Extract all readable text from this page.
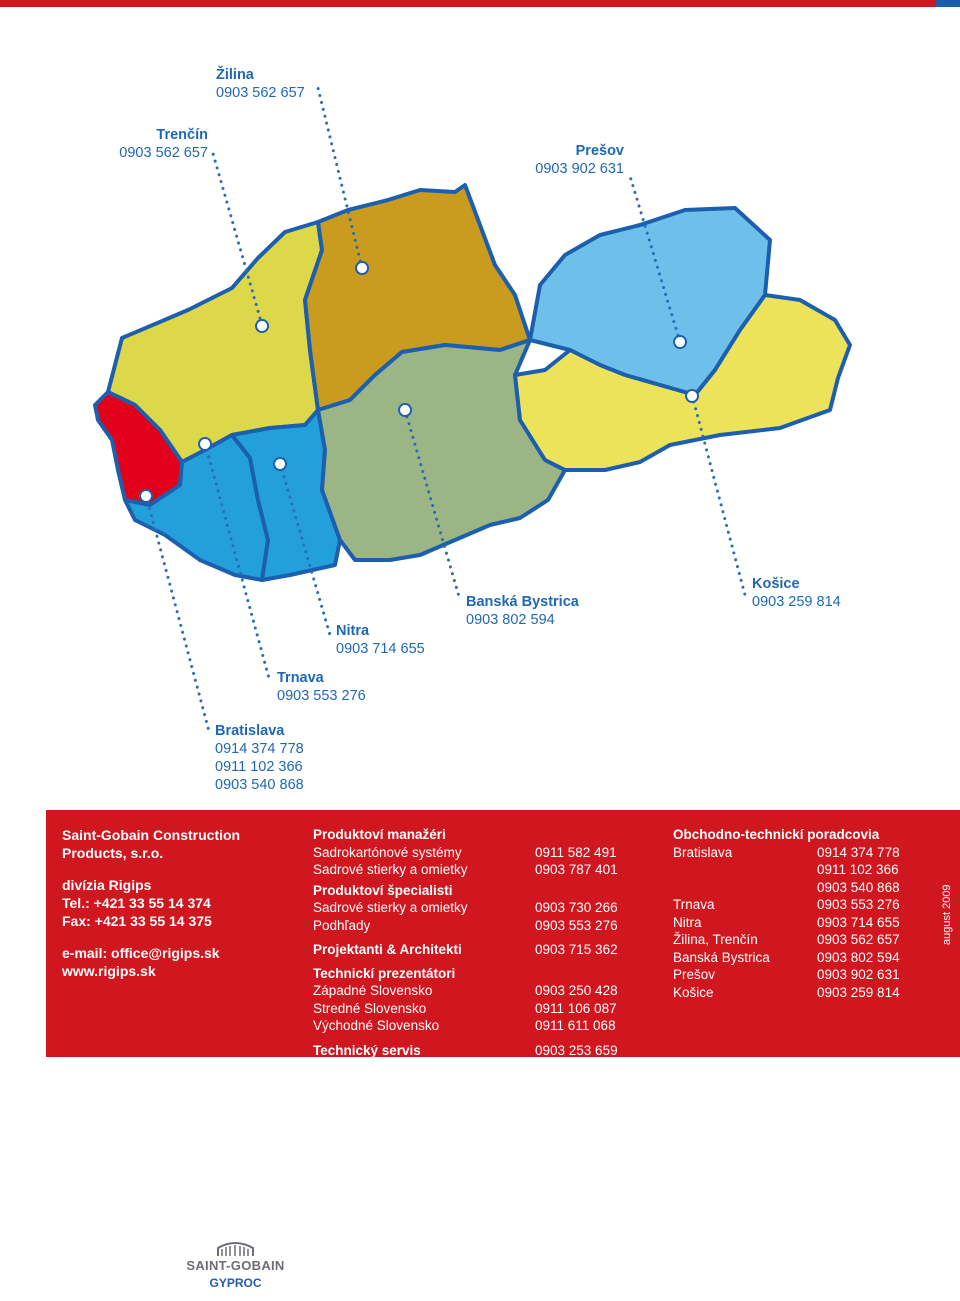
Žilina
0903 562 657
Trenčín
0903 562 657	Prešov
0903 902 631
Košice
0903 259 814
Banská Bystrica
0903 802 594
Nitra
0903 714 655
Trnava
0903 553 276
Bratislava
0914 374 778
0911 102 366
0903 540 868
Saint-Gobain Construction
Products, s.r.o.
divízia Rigips
Tel.: +421 33 55 14 374
Fax: +421 33 55 14 375
e-mail: office@rigips.sk
www.rigips.sk
Produktoví manažéri
Sadrokartónové systémy	0911 582 491
Sadrové stierky a omietky	0903 787 401
Produktoví špecialisti
Sadrové stierky a omietky	0903 730 266
Podhľady	0903 553 276
Projektanti & Architekti	0903 715 362
Technickí prezentátori
Západné Slovensko	0903 250 428
Stredné Slovensko	0911 106 087
Východné Slovensko	0911 611 068
Technický servis	0903 253 659
Obchodno-technickí poradcovia
Bratislava	0914 374 778
0911 102 366
0903 540 868
Trnava	0903 553 276
Nitra	0903 714 655
Žilina, Trenčín	0903 562 657
Banská Bystrica	0903 802 594
Prešov	0903 902 631
Košice	0903 259 814
august 2009
SAINT-GOBAIN
GYPROC
